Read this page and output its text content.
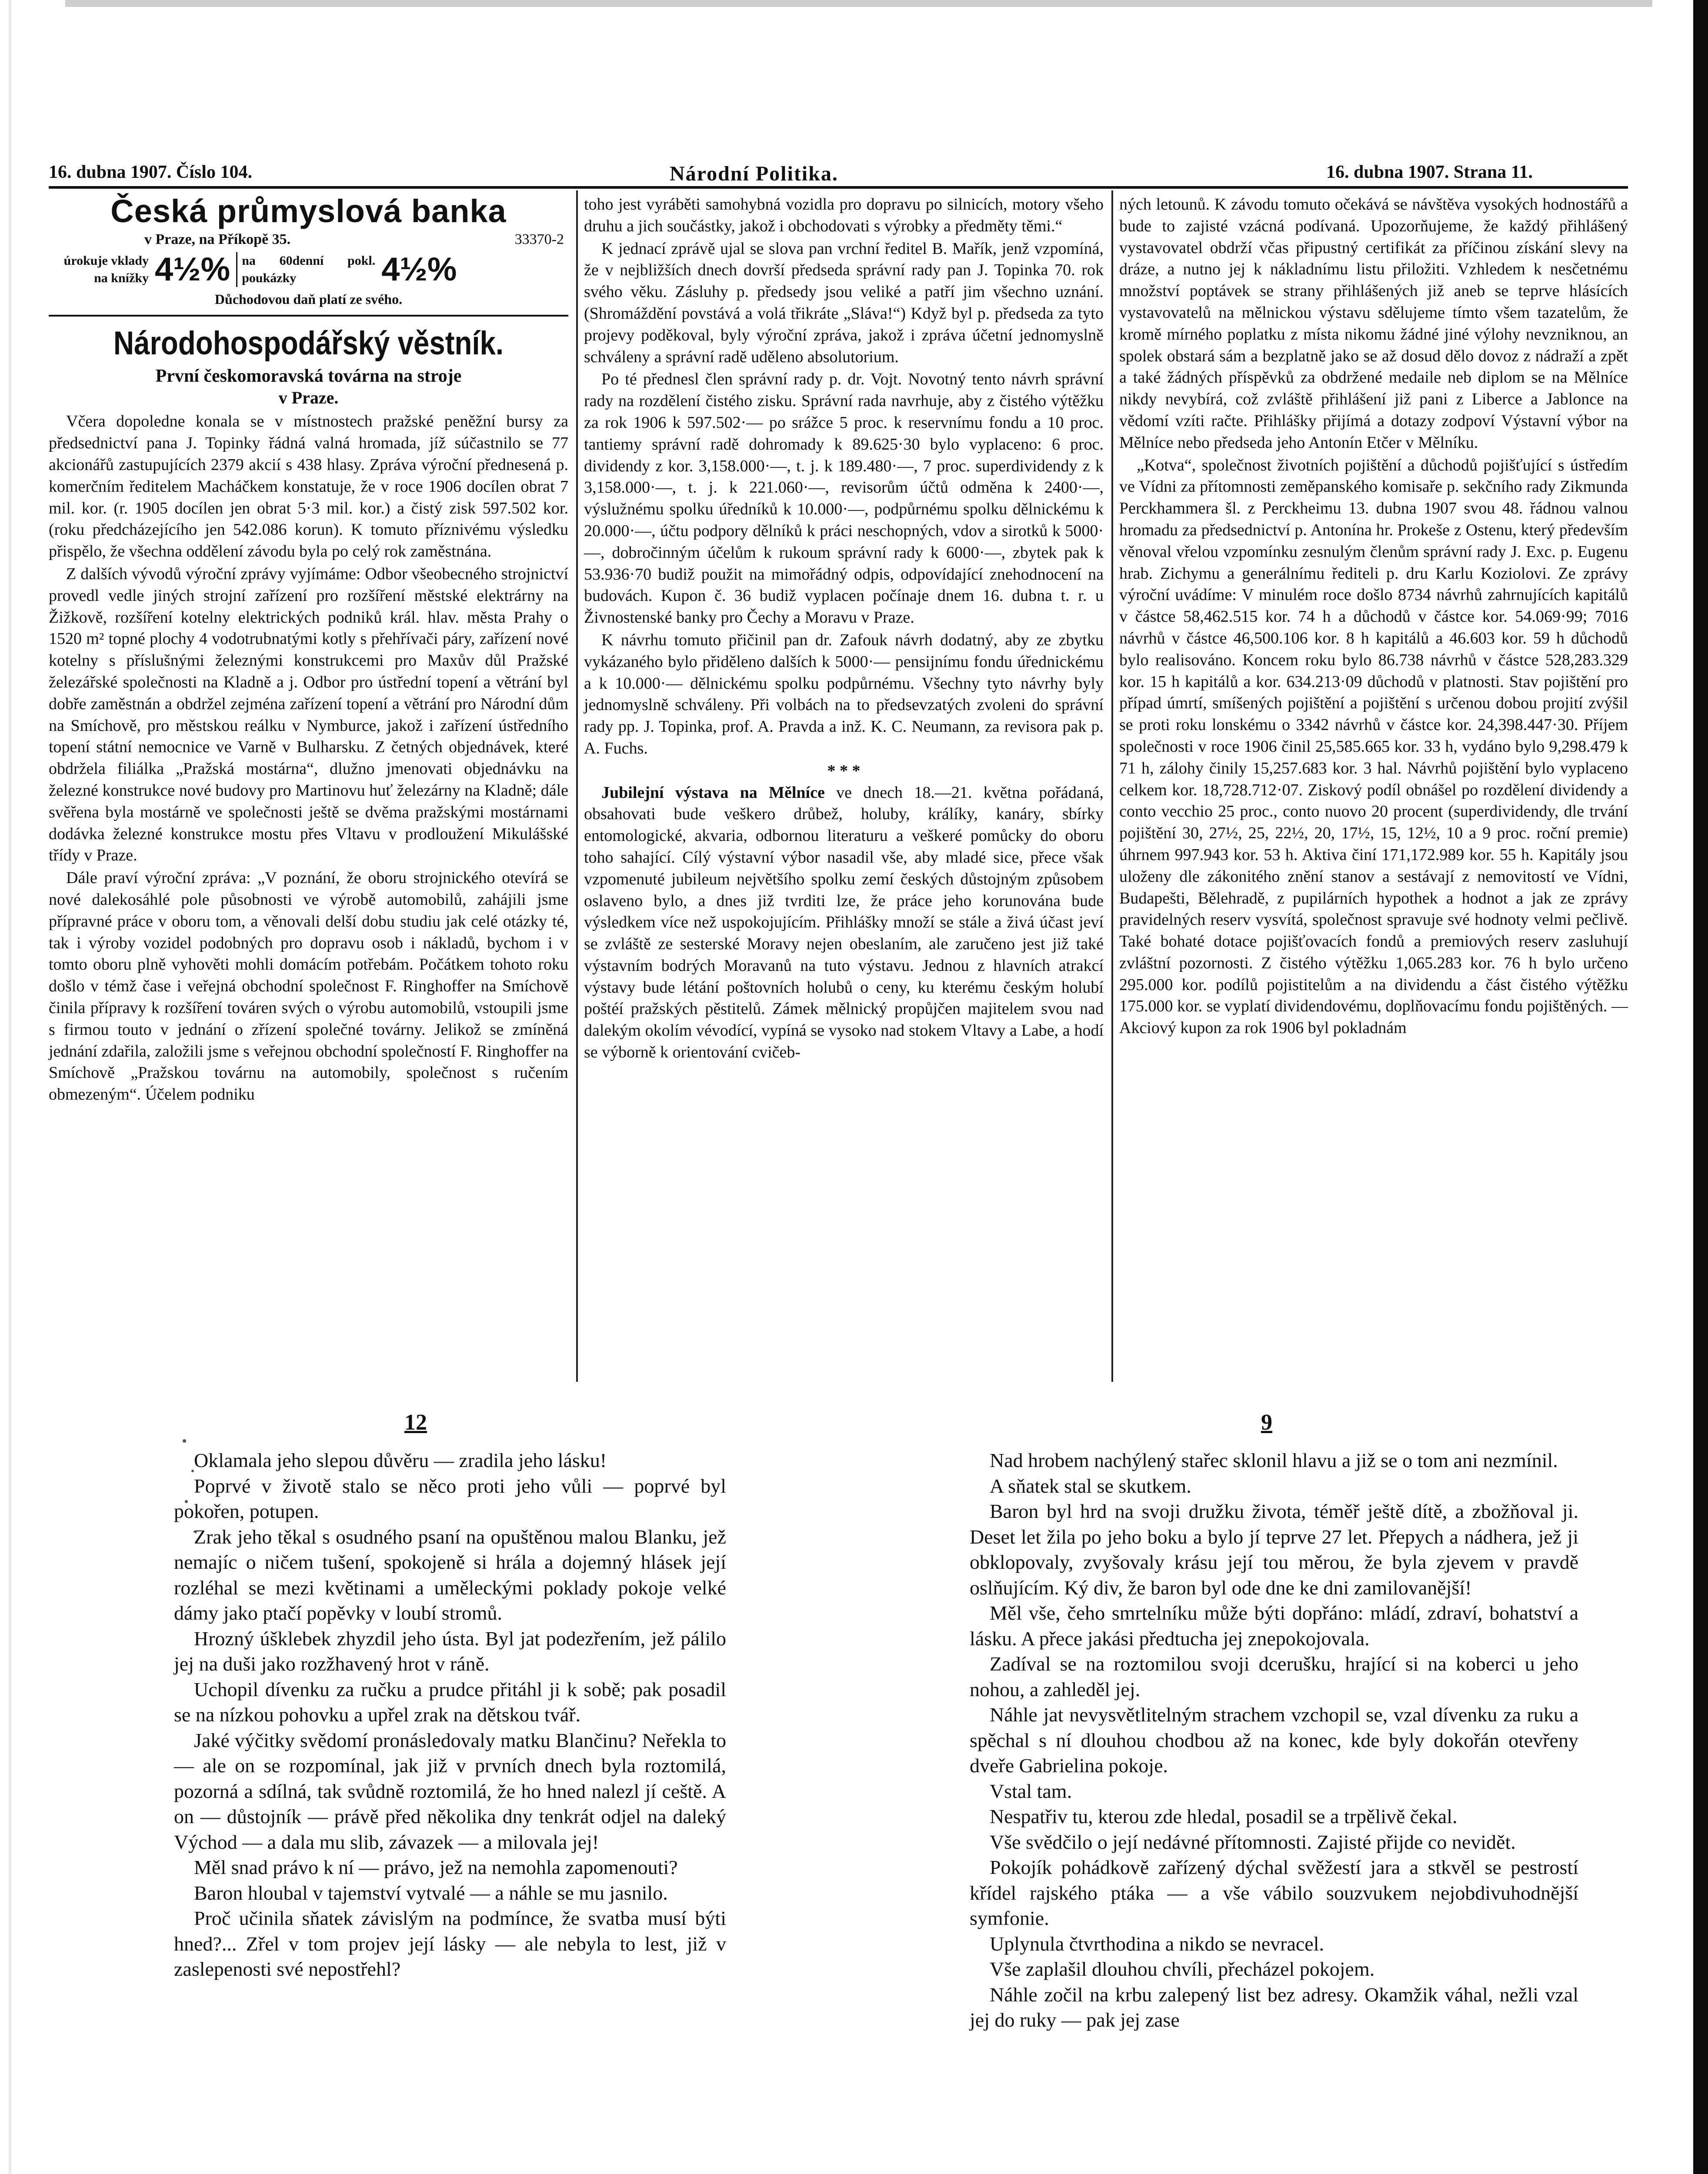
16. dubna 1907. Číslo 104.	Národní Politika.	16. dubna 1907. Strana 11.
Česká průmyslová banka
v Praze, na Příkopě 35.	33370-2
úrokuje vklady na knížky 4½% na 60denní pokl. poukázky	4½%
Důchodovou daň platí ze svého.
Národohospodářský věstník.
První českomoravská továrna na stroje
v Praze.

Včera dopoledne konala se v místnostech pražské peněžní bursy za předsednictví pana J. Topinky řádná valná hromada, jíž súčastnilo se 77 akcionářů zastupujících 2379 akcií s 438 hlasy. Zpráva výroční přednesená p. komerčním ředitelem Macháčkem konstatuje, že v roce 1906 docílen obrat 7 mil. kor. (r. 1905 docílen jen obrat 5·3 mil. kor.) a čistý zisk 597.502 kor. (roku předcházejícího jen 542.086 korun). K tomuto příznivému výsledku přispělo, že všechna oddělení závodu byla po celý rok zaměstnána.

Z dalších vývodů výroční zprávy vyjímáme: Odbor všeobecného strojnictví provedl vedle jiných strojní zařízení pro rozšíření městské elektrárny na Žižkově, rozšíření kotelny elektrických podniků král. hlav. města Prahy o 1520 m² topné plochy 4 vodotrubnatými kotly s přehřívači páry, zařízení nové kotelny s příslušnými železnými konstrukcemi pro Maxův důl Pražské železářské společnosti na Kladně a j. Odbor pro ústřední topení a větrání byl dobře zaměstnán a obdržel zejména zařízení topení a větrání pro Národní dům na Smíchově, pro městskou reálku v Nymburce, jakož i zařízení ústředního topení státní nemocnice ve Varně v Bulharsku. Z četných objednávek, které obdržela filiálka „Pražská mostárna“, dlužno jmenovati objednávku na železné konstrukce nové budovy pro Martinovu huť železárny na Kladně; dále svěřena byla mostárně ve společnosti ještě se dvěma pražskými mostárnami dodávka železné konstrukce mostu přes Vltavu v prodloužení Mikulášské třídy v Praze.

Dále praví výroční zpráva: „V poznání, že oboru strojnického otevírá se nové dalekosáhlé pole působnosti ve výrobě automobilů, zahájili jsme přípravné práce v oboru tom, a věnovali delší dobu studiu jak celé otázky té, tak i výroby vozidel podobných pro dopravu osob i nákladů, bychom i v tomto oboru plně vyhověti mohli domácím potřebám. Počátkem tohoto roku došlo v témž čase i veřejná obchodní společnost F. Ringhoffer na Smíchově činila přípravy k rozšíření továren svých o výrobu automobilů, vstoupili jsme s firmou touto v jednání o zřízení společné továrny. Jelikož se zmíněná jednání zdařila, založili jsme s veřejnou obchodní společností F. Ringhoffer na Smíchově „Pražskou továrnu na automobily, společnost s ručením obmezeným“. Účelem podniku

toho jest vyráběti samohybná vozidla pro dopravu po silnicích, motory všeho druhu a jich součástky, jakož i obchodovati s výrobky a předměty těmi.“

K jednací zprávě ujal se slova pan vrchní ředitel B. Mařík, jenž vzpomíná, že v nejbližších dnech dovrší předseda správní rady pan J. Topinka 70. rok svého věku. Zásluhy p. předsedy jsou veliké a patří jim všechno uznání. (Shromáždění povstává a volá třikráte „Sláva!“) Když byl p. předseda za tyto projevy poděkoval, byly výroční zpráva, jakož i zpráva účetní jednomyslně schváleny a správní radě uděleno absolutorium.

Po té přednesl člen správní rady p. dr. Vojt. Novotný tento návrh správní rady na rozdělení čistého zisku. Správní rada navrhuje, aby z čistého výtěžku za rok 1906 k 597.502·— po srážce 5 proc. k reservnímu fondu a 10 proc. tantiemy správní radě dohromady k 89.625·30 bylo vyplaceno: 6 proc. dividendy z kor. 3,158.000·—, t. j. k 189.480·—, 7 proc. superdividendy z k 3,158.000·—, t. j. k 221.060·—, revisorům účtů odměna k 2400·—, výslužnému spolku úředníků k 10.000·—, podpůrnému spolku dělnickému k 20.000·—, účtu podpory dělníků k práci neschopných, vdov a sirotků k 5000·—, dobročinným účelům k rukoum správní rady k 6000·—, zbytek pak k 53.936·70 budiž použit na mimořádný odpis, odpovídající znehodnocení na budovách. Kupon č. 36 budiž vyplacen počínaje dnem 16. dubna t. r. u Živnostenské banky pro Čechy a Moravu v Praze.

K návrhu tomuto přičinil pan dr. Zafouk návrh dodatný, aby ze zbytku vykázaného bylo přiděleno dalších k 5000·— pensijnímu fondu úřednickému a k 10.000·— dělnickému spolku podpůrnému. Všechny tyto návrhy byly jednomyslně schváleny. Při volbách na to předsevzatých zvoleni do správní rady pp. J. Topinka, prof. A. Pravda a inž. K. C. Neumann, za revisora pak p. A. Fuchs.

* * *

Jubilejní výstava na Mělníce ve dnech 18.—21. května pořádaná, obsahovati bude veškero drůbež, holuby, králíky, kanáry, sbírky entomologické, akvaria, odbornou literaturu a veškeré pomůcky do oboru toho sahající. Cílý výstavní výbor nasadil vše, aby mladé sice, přece však vzpomenuté jubileum největšího spolku zemí českých důstojným způsobem oslaveno bylo, a dnes již tvrditi lze, že práce jeho korunována bude výsledkem více než uspokojujícím. Přihlášky množí se stále a živá účast jeví se zvláště ze sesterské Moravy nejen obeslaním, ale zaručeno jest již také výstavním bodrých Moravanů na tuto výstavu. Jednou z hlavních atrakcí výstavy bude létání poštovních holubů o ceny, ku kterému českým holubí poštéí pražských pěstitelů. Zámek mělnický propůjčen majitelem svou nad dalekým okolím vévodící, vypíná se vysoko nad stokem Vltavy a Labe, a hodí se výborně k orientování cvičeb-

ných letounů. K závodu tomuto očekává se návštěva vysokých hodnostářů a bude to zajisté vzácná podívaná. Upozorňujeme, že každý přihlášený vystavovatel obdrží včas připustný certifikát za příčinou získání slevy na dráze, a nutno jej k nákladnímu listu přiložiti. Vzhledem k nesčetnému množství poptávek se strany přihlášených již aneb se teprve hlásících vystavovatelů na mělnickou výstavu sdělujeme tímto všem tazatelům, že kromě mírného poplatku z místa nikomu žádné jiné výlohy nevzniknou, an spolek obstará sám a bezplatně jako se až dosud dělo dovoz z nádraží a zpět a také žádných příspěvků za obdržené medaile neb diplom se na Mělníce nikdy nevybírá, což zvláště přihlášení již pani z Liberce a Jablonce na vědomí vzíti račte. Přihlášky přijímá a dotazy zodpoví Výstavní výbor na Mělníce nebo předseda jeho Antonín Etčer v Mělníku.

„Kotva“, společnost životních pojištění a důchodů pojišťující s ústředím ve Vídni za přítomnosti zeměpanského komisaře p. sekčního rady Zikmunda Perckhammera šl. z Perckheimu 13. dubna 1907 svou 48. řádnou valnou hromadu za předsednictví p. Antonína hr. Prokeše z Ostenu, který především věnoval vřelou vzpomínku zesnulým členům správní rady J. Exc. p. Eugenu hrab. Zichymu a generálnímu řediteli p. dru Karlu Koziolovi. Ze zprávy výroční uvádíme: V minulém roce došlo 8734 návrhů zahrnujících kapitálů v částce 58,462.515 kor. 74 h a důchodů v částce kor. 54.069·99; 7016 návrhů v částce 46,500.106 kor. 8 h kapitálů a 46.603 kor. 59 h důchodů bylo realisováno. Koncem roku bylo 86.738 návrhů v částce 528,283.329 kor. 15 h kapitálů a kor. 634.213·09 důchodů v platnosti. Stav pojištění pro případ úmrtí, smíšených pojištění a pojištění s určenou dobou projití zvýšil se proti roku lonskému o 3342 návrhů v částce kor. 24,398.447·30. Příjem společnosti v roce 1906 činil 25,585.665 kor. 33 h, vydáno bylo 9,298.479 k 71 h, zálohy činily 15,257.683 kor. 3 hal. Návrhů pojištění bylo vyplaceno celkem kor. 18,728.712·07. Ziskový podíl obnášel po rozdělení dividendy a conto vecchio 25 proc., conto nuovo 20 procent (superdividendy, dle trvání pojištění 30, 27½, 25, 22½, 20, 17½, 15, 12½, 10 a 9 proc. roční premie) úhrnem 997.943 kor. 53 h. Aktiva činí 171,172.989 kor. 55 h. Kapitály jsou uloženy dle zákonitého znění stanov a sestávají z nemovitostí ve Vídni, Budapešti, Bělehradě, z pupilárních hypothek a hodnot a jak ze zprávy pravidelných reserv vysvítá, společnost spravuje své hodnoty velmi pečlivě. Také bohaté dotace pojišťovacích fondů a premiových reserv zasluhují zvláštní pozornosti. Z čistého výtěžku 1,065.283 kor. 76 h bylo určeno 295.000 kor. podílů pojistitelům a na dividendu a část čistého výtěžku 175.000 kor. se vyplatí dividendovému, doplňovacímu fondu pojištěných. — Akciový kupon za rok 1906 byl pokladnám

12	9

Oklamala jeho slepou důvěru — zradila jeho lásku!

Poprvé v životě stalo se něco proti jeho vůli — poprvé byl pokořen, potupen.

Zrak jeho těkal s osudného psaní na opuštěnou malou Blanku, jež nemajíc o ničem tušení, spokojeně si hrála a dojemný hlásek její rozléhal se mezi květinami a uměleckými poklady pokoje velké dámy jako ptačí popěvky v loubí stromů.

Hrozný úšklebek zhyzdil jeho ústa. Byl jat podezřením, jež pálilo jej na duši jako rozžhavený hrot v ráně.

Uchopil dívenku za ručku a prudce přitáhl ji k sobě; pak posadil se na nízkou pohovku a upřel zrak na dětskou tvář.

Jaké výčitky svědomí pronásledovaly matku Blančinu? Neřekla to — ale on se rozpomínal, jak již v prvních dnech byla roztomilá, pozorná a sdílná, tak svůdně roztomilá, že ho hned nalezl jí ceště. A on — důstojník — právě před několika dny tenkrát odjel na daleký Východ — a dala mu slib, závazek — a milovala jej!

Měl snad právo k ní — právo, jež na nemohla zapomenouti?

Baron hloubal v tajemství vytvalé — a náhle se mu jasnilo.

Proč učinila sňatek závislým na podmínce, že svatba musí býti hned?... Zřel v tom projev její lásky — ale nebyla to lest, již v zaslepenosti své nepostřehl?

Nad hrobem nachýlený stařec sklonil hlavu a již se o tom ani nezmínil.

A sňatek stal se skutkem.

Baron byl hrd na svoji družku života, téměř ještě dítě, a zbožňoval ji. Deset let žila po jeho boku a bylo jí teprve 27 let. Přepych a nádhera, jež ji obklopovaly, zvyšovaly krásu její tou měrou, že byla zjevem v pravdě oslňujícím. Ký div, že baron byl ode dne ke dni zamilovanější!

Měl vše, čeho smrtelníku může býti dopřáno: mládí, zdraví, bohatství a lásku. A přece jakási předtucha jej znepokojovala.

Zadíval se na roztomilou svoji dcerušku, hrající si na koberci u jeho nohou, a zahleděl jej.

Náhle jat nevysvětlitelným strachem vzchopil se, vzal dívenku za ruku a spěchal s ní dlouhou chodbou až na konec, kde byly dokořán otevřeny dveře Gabrielina pokoje.

Vstal tam.

Nespatřiv tu, kterou zde hledal, posadil se a trpělivě čekal.

Vše svědčilo o její nedávné přítomnosti. Zajisté přijde co nevidět.

Pokojík pohádkově zařízený dýchal svěžestí jara a stkvěl se pestrostí křídel rajského ptáka — a vše vábilo souzvukem nejobdivuhodnější symfonie.

Uplynula čtvrthodina a nikdo se nevracel.

Vše zaplašil dlouhou chvíli, přecházel pokojem.

Náhle zočil na krbu zalepený list bez adresy. Okamžik váhal, nežli vzal jej do ruky — pak jej zase
